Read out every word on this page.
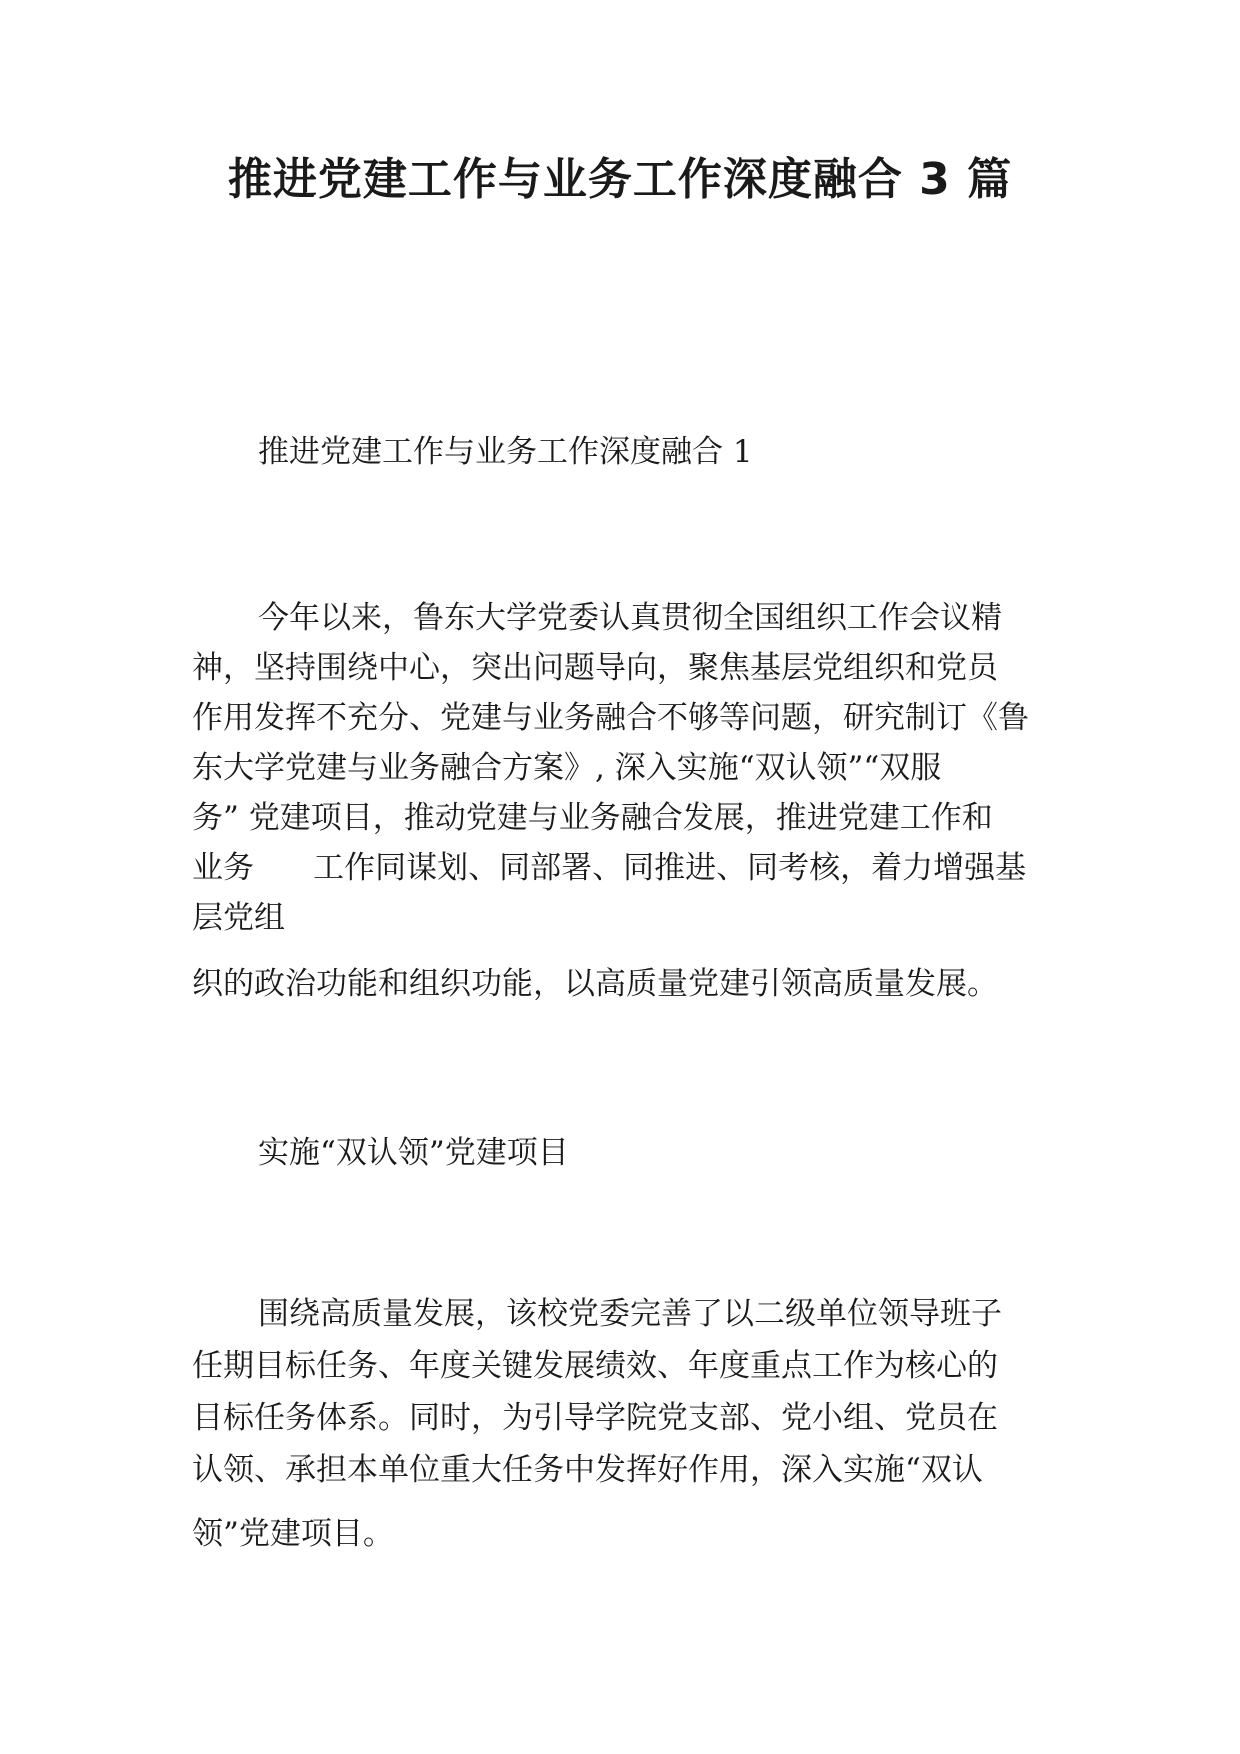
推进党建工作与业务工作深度融合 3 篇
推进党建工作与业务工作深度融合 1
今年以来，鲁东大学党委认真贯彻全国组织工作会议精
神，坚持围绕中心，突出问题导向，聚焦基层党组织和党员
作用发挥不充分、党建与业务融合不够等问题，研究制订《鲁
东大学党建与业务融合方案》, 深入实施“双认领”“双服
务” 党建项目，推动党建与业务融合发展，推进党建工作和
业务      工作同谋划、同部署、同推进、同考核，着力增强基
层党组
织的政治功能和组织功能，以高质量党建引领高质量发展。
实施“双认领”党建项目
围绕高质量发展，该校党委完善了以二级单位领导班子
任期目标任务、年度关键发展绩效、年度重点工作为核心的
目标任务体系。同时，为引导学院党支部、党小组、党员在
认领、承担本单位重大任务中发挥好作用，深入实施“双认
领”党建项目。
